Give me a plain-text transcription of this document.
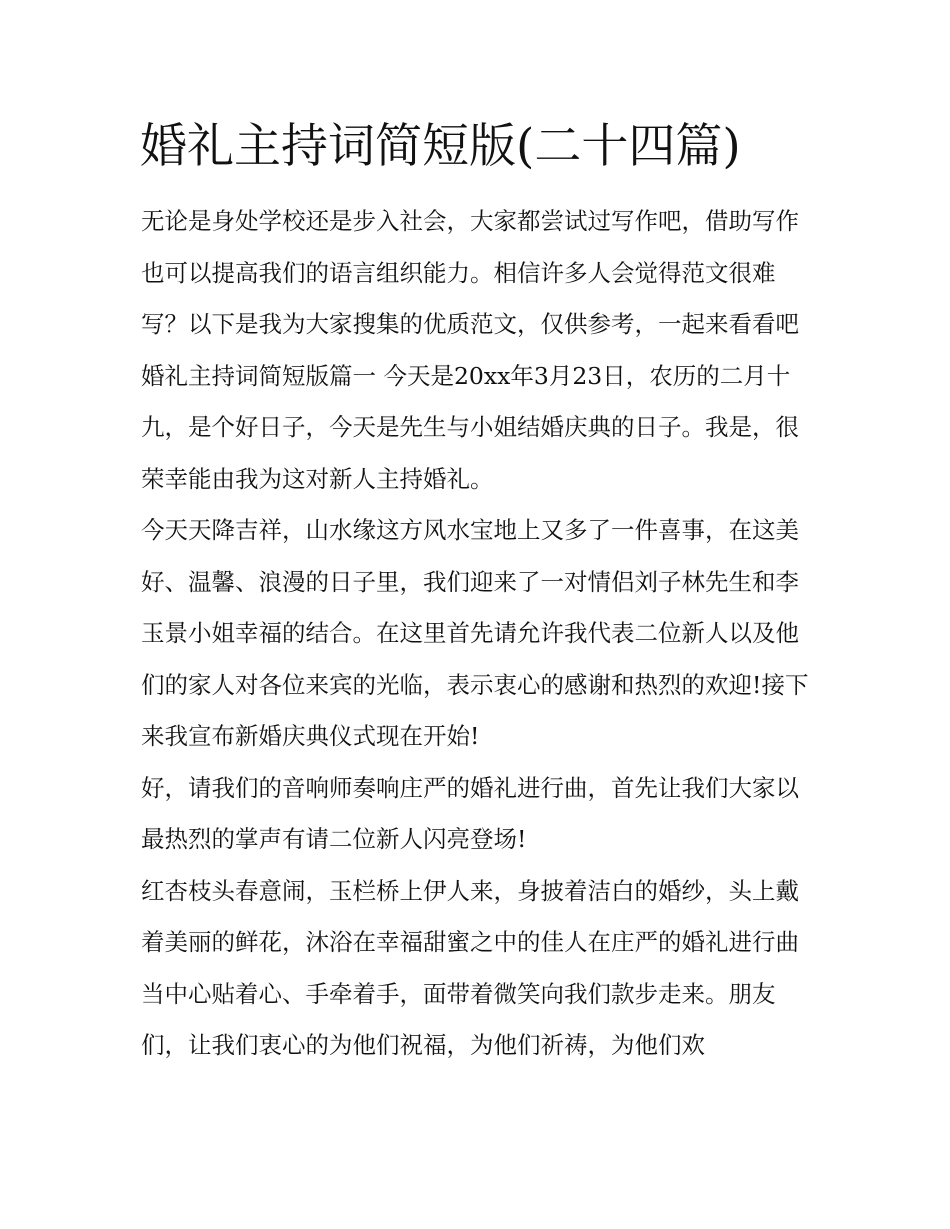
婚礼主持词简短版(二十四篇)

无论是身处学校还是步入社会，大家都尝试过写作吧，借助写作也可以提高我们的语言组织能力。相信许多人会觉得范文很难写？以下是我为大家搜集的优质范文，仅供参考，一起来看看吧

婚礼主持词简短版篇一 今天是20xx年3月23日，农历的二月十九，是个好日子，今天是先生与小姐结婚庆典的日子。我是，很荣幸能由我为这对新人主持婚礼。

今天天降吉祥，山水缘这方风水宝地上又多了一件喜事，在这美好、温馨、浪漫的日子里，我们迎来了一对情侣刘子林先生和李玉景小姐幸福的结合。在这里首先请允许我代表二位新人以及他们的家人对各位来宾的光临，表示衷心的感谢和热烈的欢迎!接下来我宣布新婚庆典仪式现在开始!

好，请我们的音响师奏响庄严的婚礼进行曲，首先让我们大家以最热烈的掌声有请二位新人闪亮登场!

红杏枝头春意闹，玉栏桥上伊人来，身披着洁白的婚纱，头上戴着美丽的鲜花，沐浴在幸福甜蜜之中的佳人在庄严的婚礼进行曲当中心贴着心、手牵着手，面带着微笑向我们款步走来。朋友们，让我们衷心的为他们祝福，为他们祈祷，为他们欢
